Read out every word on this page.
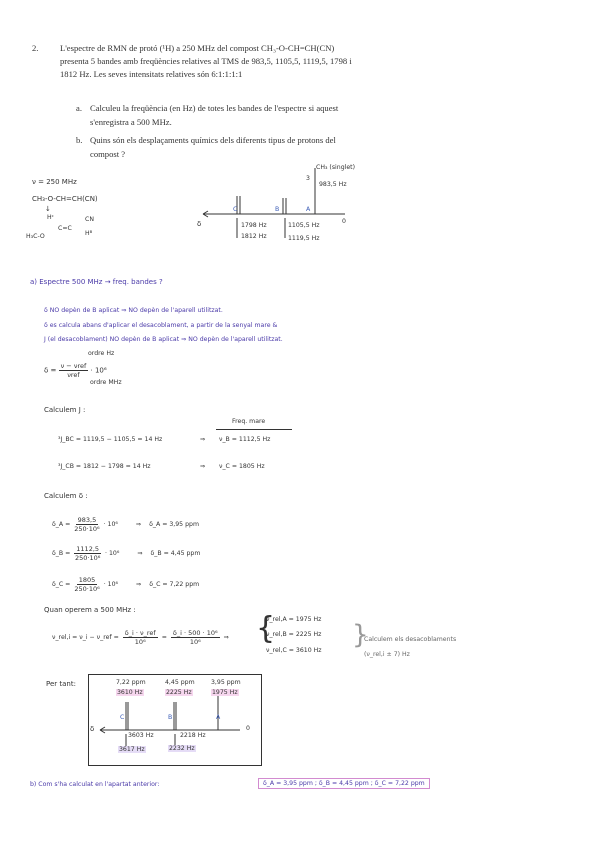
2.	L'espectre de RMN de protó (¹H) a 250 MHz del compost CH₃-O-CH=CH(CN)
presenta 5 bandes amb freqüències relatives al TMS de 983,5, 1105,5, 1119,5, 1798 i
1812 Hz. Les seves intensitats relatives són 6:1:1:1:1
a. Calculeu la freqüència (en Hz) de totes les bandes de l'espectre si aquest
s'enregistra a 500 MHz.
b. Quins són els desplaçaments químics dels diferents tipus de protons del
compost ?
ν = 250 MHz
CH₃-O-CH=CH(CN)
↓
Hᶜ	CN
C=C
H₃C-O	Hᴮ
CH₃ (singlet)
3
983,5 Hz
δ	0
C	B	A
1798 Hz
1812 Hz
1105,5 Hz
1119,5 Hz
a) Espectre 500 MHz → freq. bandes ?
δ NO depèn de B aplicat ⇒ NO depèn de l'aparell utilitzat.
δ es calcula abans d'aplicar el desacoblament, a partir de la senyal mare &
J (el desacoblament) NO depèn de B aplicat ⇒ NO depèn de l'aparell utilitzat.
ordre Hz
$\delta = \frac{\text{ν − νref}}{\text{νref}} \cdot 10^6$
ordre MHz
Calculem J :
Freq. mare
³J_BC = 1119,5 − 1105,5 = 14 Hz	⇒ ν_B = 1112,5 Hz
³J_CB = 1812 − 1798 = 14 Hz	⇒ ν_C = 1805 Hz
Calculem δ :
δ_A = $\frac{983,5}{\text{250·10⁶}} \cdot 10^6$	⇒ δ_A = 3,95 ppm
δ_B = $\frac{1112,5}{\text{250·10⁶}} \cdot 10^6$	⇒ δ_B = 4,45 ppm
δ_C = $\frac{1805}{\text{250·10⁶}} \cdot 10^6$	⇒ δ_C = 7,22 ppm
Quan operem a 500 MHz :
ν_rel,i = ν_i − ν_ref = $\frac{\text{δ\_i · ν\_ref}}{\text{10⁶}} = \frac{\text{δ\_i · 500 · 10⁶}}{\text{10⁶}}$ ⇒ {
ν_rel,A = 1975 Hz
ν_rel,B = 2225 Hz
ν_rel,C = 3610 Hz
}
Calculem els desacoblaments
(ν_rel,i ± 7) Hz
Per tant:	7,22 ppm
3610 Hz
4,45 ppm
2225 Hz
3,95 ppm
1975 Hz
δ	0
C	B	A
3603 Hz
3617 Hz
2218 Hz
2232 Hz
b) Com s'ha calculat en l'apartat anterior:	δ_A = 3,95 ppm ; δ_B = 4,45 ppm ; δ_C = 7,22 ppm
